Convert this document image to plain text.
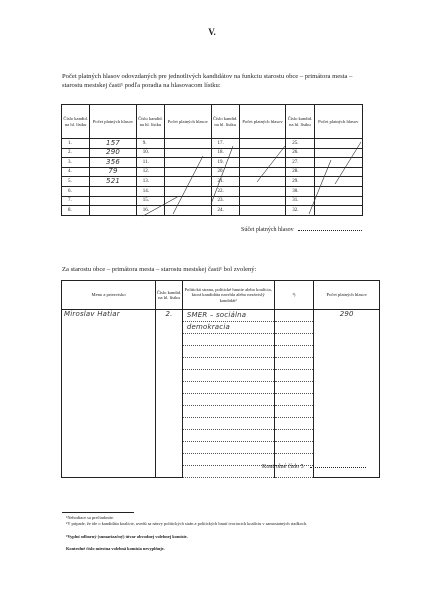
V.
Počet platných hlasov odovzdaných pre jednotlivých kandidátov na funkciu starostu obce – primátora mesta – starostu mestskej časti¹ podľa poradia na hlasovacom lístku:
Číslo kandid. na hl. lístku	Počet platných hlasov	Číslo kandid. na hl. lístku	Počet platných hlasov	Číslo kandid. na hl. lístku	Počet platných hlasov	Číslo kandid. na hl. lístku	Počet platných hlasov
1.	157	9.		17.		25.	
2.	290	10.		18.		26.	
3.	356	11.		19.		27.	
4.	79	12.		20.		28.	
5.	521	13.		21.		29.	
6.		14.		22.		30.	
7.		15.		23.		31.	
8.		16.		24.		32.	
Súčet platných hlasov
Za starostu obce – primátora mesta – starostu mestskej časti¹ bol zvolený:
Meno a priezvisko	Číslo kandid. na hl. lístku	Politická strana, politické hnutie alebo koalícia, ktorá kandidáta navrhla alebo nezávislý kandidát²	³)	Počet platných hlasov
Miroslav Hatiar	2.	SMER – sociálna		290
		demokracia		

Kontrolné číslo 5
¹Nehodiace sa prečiarknite.
²V prípade, že ide o kandidáta koalície, uvedú sa názvy politických strán a politických hnutí tvoriacich koalíciu v samostatných riadkoch.
³Vyplní odborný (sumarizačný) útvar obvodnej volebnej komisie.
Kontrolné číslo miestna volebná komisia nevyplňuje.
